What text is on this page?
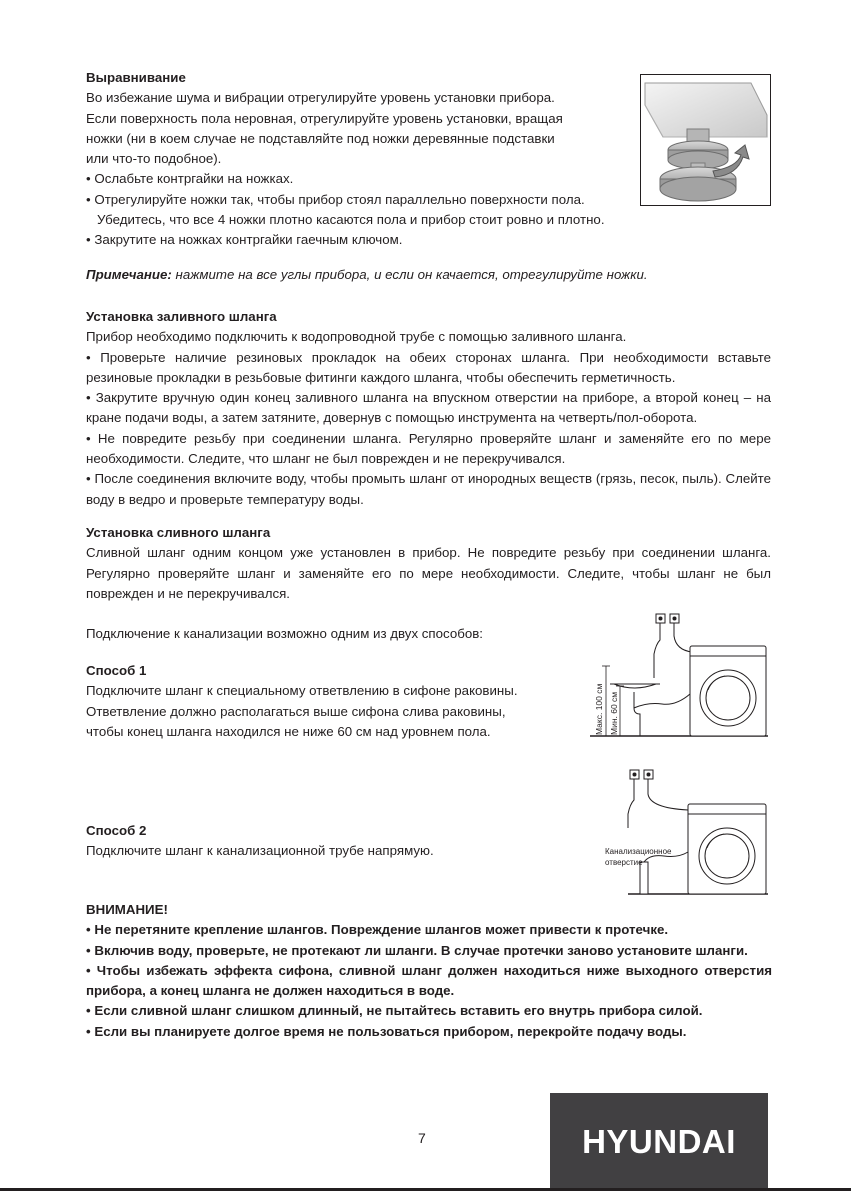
Выравнивание
Во избежание шума и вибрации отрегулируйте уровень установки прибора.
Если поверхность пола неровная, отрегулируйте уровень установки, вращая
ножки (ни в коем случае не подставляйте под ножки деревянные подставки
или что-то подобное).
• Ослабьте контргайки на ножках.
• Отрегулируйте ножки так, чтобы прибор стоял параллельно поверхности пола.
Убедитесь, что все 4 ножки плотно касаются пола и прибор стоит ровно и плотно.
• Закрутите на ножках контргайки гаечным ключом.
Примечание: нажмите на все углы прибора, и если он качается, отрегулируйте ножки.
Установка заливного шланга
Прибор необходимо подключить к водопроводной трубе с помощью заливного шланга.
• Проверьте наличие резиновых прокладок на обеих сторонах шланга. При необходимости вставьте резиновые прокладки в резьбовые фитинги каждого шланга, чтобы обеспечить герметичность.
• Закрутите вручную один конец заливного шланга на впускном отверстии на приборе, а второй конец – на кране подачи воды, а затем затяните, довернув с помощью инструмента на четверть/пол-оборота.
• Не повредите резьбу при соединении шланга. Регулярно проверяйте шланг и заменяйте его по мере необходимости. Следите, что шланг не был поврежден и не перекручивался.
• После соединения включите воду, чтобы промыть шланг от инородных веществ (грязь, песок, пыль). Слейте воду в ведро и проверьте температуру воды.
Установка сливного шланга
Сливной шланг одним концом уже установлен в прибор. Не повредите резьбу при соединении шланга. Регулярно проверяйте шланг и заменяйте его по мере необходимости. Следите, чтобы шланг не был поврежден и не перекручивался.
Подключение к канализации возможно одним из двух способов:
Способ 1
Подключите шланг к специальному ответвлению в сифоне раковины.
Ответвление должно располагаться выше сифона слива раковины,
чтобы конец шланга находился не ниже 60 см над уровнем пола.	Макс. 100 см Мин. 60 см
Способ 2
Подключите шланг к канализационной трубе напрямую.	Канализационное
отверстие
ВНИМАНИЕ!
• Не перетяните крепление шлангов. Повреждение шлангов может привести к протечке.
• Включив воду, проверьте, не протекают ли шланги. В случае протечки заново установите шланги.
• Чтобы избежать эффекта сифона, сливной шланг должен находиться ниже выходного отверстия прибора, а конец шланга не должен находиться в воде.
• Если сливной шланг слишком длинный, не пытайтесь вставить его внутрь прибора силой.
• Если вы планируете долгое время не пользоваться прибором, перекройте подачу воды.
7	HYUNDAI
